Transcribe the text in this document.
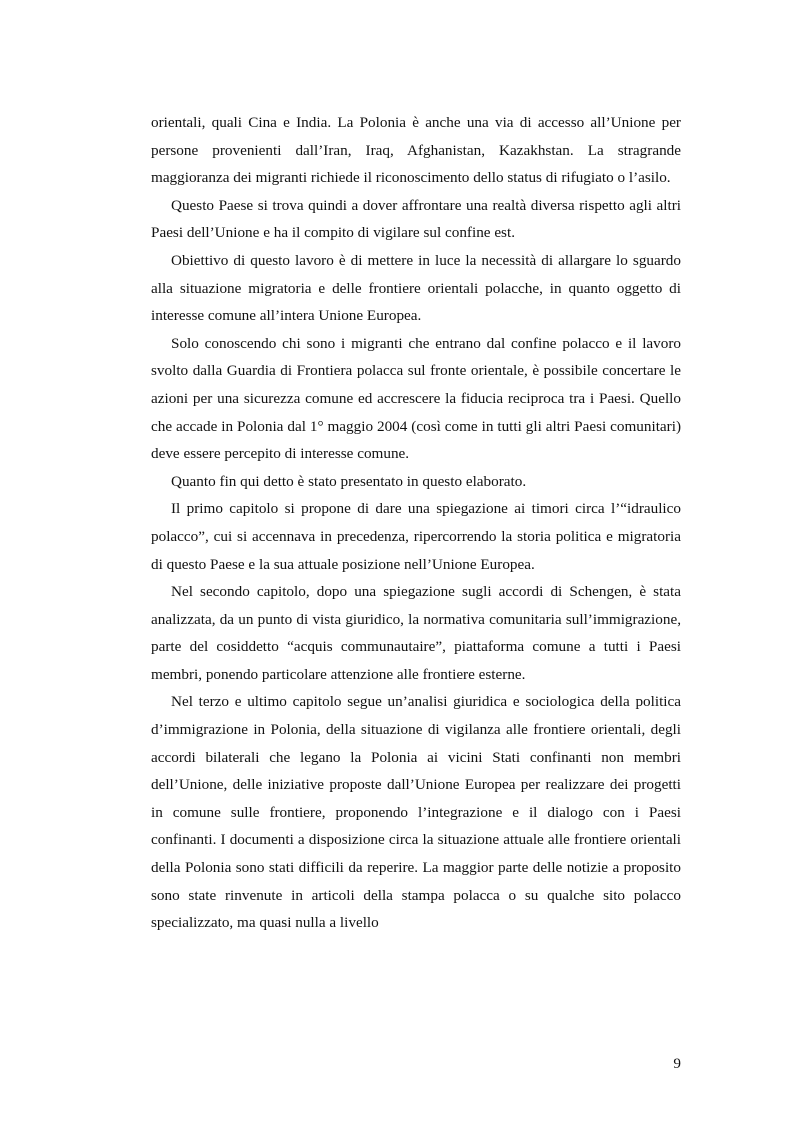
orientali, quali Cina e India. La Polonia è anche una via di accesso all’Unione per persone provenienti dall’Iran, Iraq, Afghanistan, Kazakhstan. La stragrande maggioranza dei migranti richiede il riconoscimento dello status di rifugiato o l’asilo.

Questo Paese si trova quindi a dover affrontare una realtà diversa rispetto agli altri Paesi dell’Unione e ha il compito di vigilare sul confine est.

Obiettivo di questo lavoro è di mettere in luce la necessità di allargare lo sguardo alla situazione migratoria e delle frontiere orientali polacche, in quanto oggetto di interesse comune all’intera Unione Europea.

Solo conoscendo chi sono i migranti che entrano dal confine polacco e il lavoro svolto dalla Guardia di Frontiera polacca sul fronte orientale, è possibile concertare le azioni per una sicurezza comune ed accrescere la fiducia reciproca tra i Paesi. Quello che accade in Polonia dal 1° maggio 2004 (così come in tutti gli altri Paesi comunitari) deve essere percepito di interesse comune.

Quanto fin qui detto è stato presentato in questo elaborato.

Il primo capitolo si propone di dare una spiegazione ai timori circa l’“idraulico polacco”, cui si accennava in precedenza, ripercorrendo la storia politica e migratoria di questo Paese e la sua attuale posizione nell’Unione Europea.

Nel secondo capitolo, dopo una spiegazione sugli accordi di Schengen, è stata analizzata, da un punto di vista giuridico, la normativa comunitaria sull’immigrazione, parte del cosiddetto “acquis communautaire”, piattaforma comune a tutti i Paesi membri, ponendo particolare attenzione alle frontiere esterne.

Nel terzo e ultimo capitolo segue un’analisi giuridica e sociologica della politica d’immigrazione in Polonia, della situazione di vigilanza alle frontiere orientali, degli accordi bilaterali che legano la Polonia ai vicini Stati confinanti non membri dell’Unione, delle iniziative proposte dall’Unione Europea per realizzare dei progetti in comune sulle frontiere, proponendo l’integrazione e il dialogo con i Paesi confinanti. I documenti a disposizione circa la situazione attuale alle frontiere orientali della Polonia sono stati difficili da reperire. La maggior parte delle notizie a proposito sono state rinvenute in articoli della stampa polacca o su qualche sito polacco specializzato, ma quasi nulla a livello

9
